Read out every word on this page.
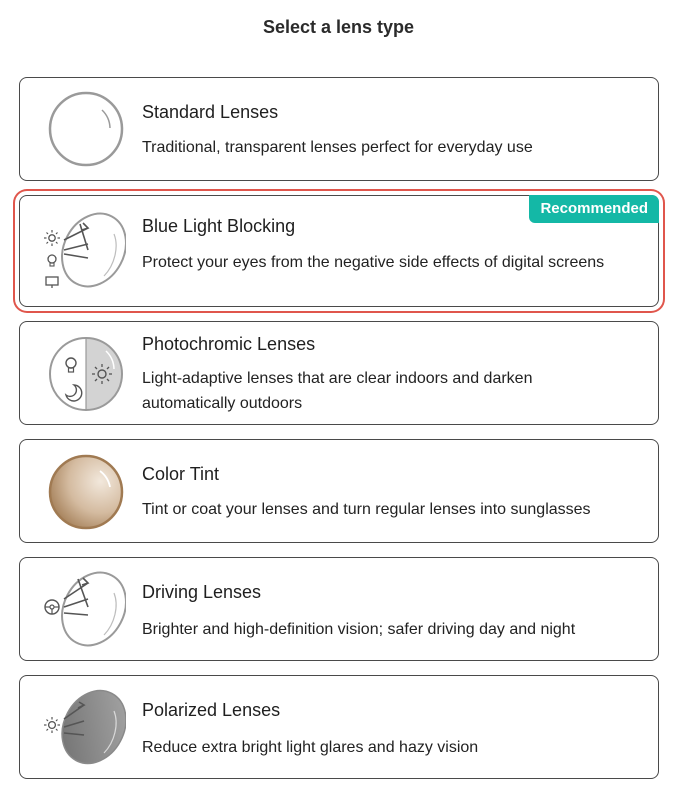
Select a lens type
Standard Lenses
Traditional, transparent lenses perfect for everyday use
Recommended
Blue Light Blocking
Protect your eyes from the negative side effects of digital screens
Photochromic Lenses
Light-adaptive lenses that are clear indoors and darken automatically outdoors
Color Tint
Tint or coat your lenses and turn regular lenses into sunglasses
Driving Lenses
Brighter and high-definition vision; safer driving day and night
Polarized Lenses
Reduce extra bright light glares and hazy vision
